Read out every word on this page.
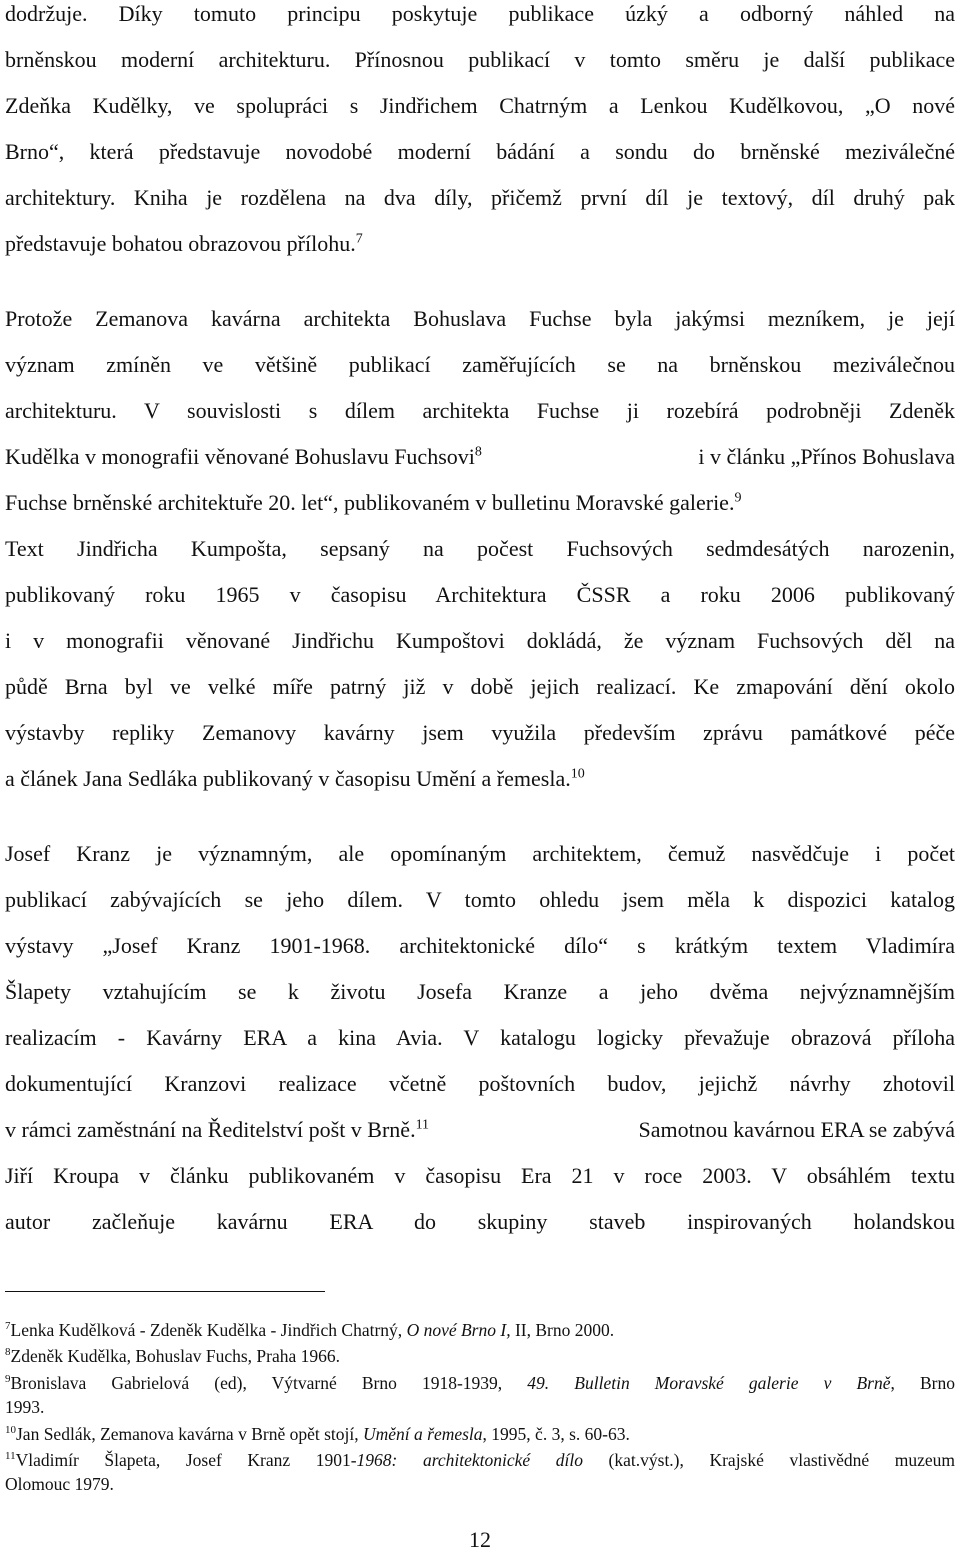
dodržuje. Díky tomuto principu poskytuje publikace úzký a odborný náhled na
brněnskou moderní architekturu. Přínosnou publikací v tomto směru je další publikace
Zdeňka Kudělky, ve spolupráci s Jindřichem Chatrným a Lenkou Kudělkovou, „O nové
Brno“, která představuje novodobé moderní bádání a sondu do brněnské meziválečné
architektury. Kniha je rozdělena na dva díly, přičemž první díl je textový, díl druhý pak
představuje bohatou obrazovou přílohu.$^7$
Protože Zemanova kavárna architekta Bohuslava Fuchse byla jakýmsi mezníkem, je její
význam zmíněn ve většině publikací zaměřujících se na brněnskou meziválečnou
architekturu. V souvislosti s dílem architekta Fuchse ji rozebírá podrobněji Zdeněk
Kudělka v monografii věnované Bohuslavu Fuchsovi$^8$	i v článku „Přínos Bohuslava
Fuchse brněnské architektuře 20. let“, publikovaném v bulletinu Moravské galerie.$^9$
Text Jindřicha Kumpošta, sepsaný na počest Fuchsových sedmdesátých narozenin,
publikovaný roku 1965 v časopisu Architektura ČSSR a roku 2006 publikovaný
i v monografii věnované Jindřichu Kumpoštovi dokládá, že význam Fuchsových děl na
půdě Brna byl ve velké míře patrný již v době jejich realizací. Ke zmapování dění okolo
výstavby repliky Zemanovy kavárny jsem využila především zprávu památkové péče
a článek Jana Sedláka publikovaný v časopisu Umění a řemesla.$^{10}$
Josef Kranz je významným, ale opomínaným architektem, čemuž nasvědčuje i počet
publikací zabývajících se jeho dílem. V tomto ohledu jsem měla k dispozici katalog
výstavy „Josef Kranz 1901-1968. architektonické dílo“ s krátkým textem Vladimíra
Šlapety vztahujícím se k životu Josefa Kranze a jeho dvěma nejvýznamnějším
realizacím - Kavárny ERA a kina Avia. V katalogu logicky převažuje obrazová příloha
dokumentující Kranzovi realizace včetně poštovních budov, jejichž návrhy zhotovil
v rámci zaměstnání na Ředitelství pošt v Brně.$^{11}$	Samotnou kavárnou ERA se zabývá
Jiří Kroupa v článku publikovaném v časopisu Era 21 v roce 2003. V obsáhlém textu
autor začleňuje kavárnu ERA do skupiny staveb inspirovaných holandskou
$^7$Lenka Kudělková - Zdeněk Kudělka - Jindřich Chatrný, O nové Brno I, II, Brno 2000.
$^8$Zdeněk Kudělka, Bohuslav Fuchs, Praha 1966.
$^9$Bronislava Gabrielová (ed), Výtvarné Brno 1918-1939, 49. Bulletin Moravské galerie v Brně, Brno
1993.
$^{10}$Jan Sedlák, Zemanova kavárna v Brně opět stojí, Umění a řemesla, 1995, č. 3, s. 60-63.
$^{11}$Vladimír Šlapeta, Josef Kranz 1901-1968: architektonické dílo (kat.výst.), Krajské vlastivědné muzeum
Olomouc 1979.
12
